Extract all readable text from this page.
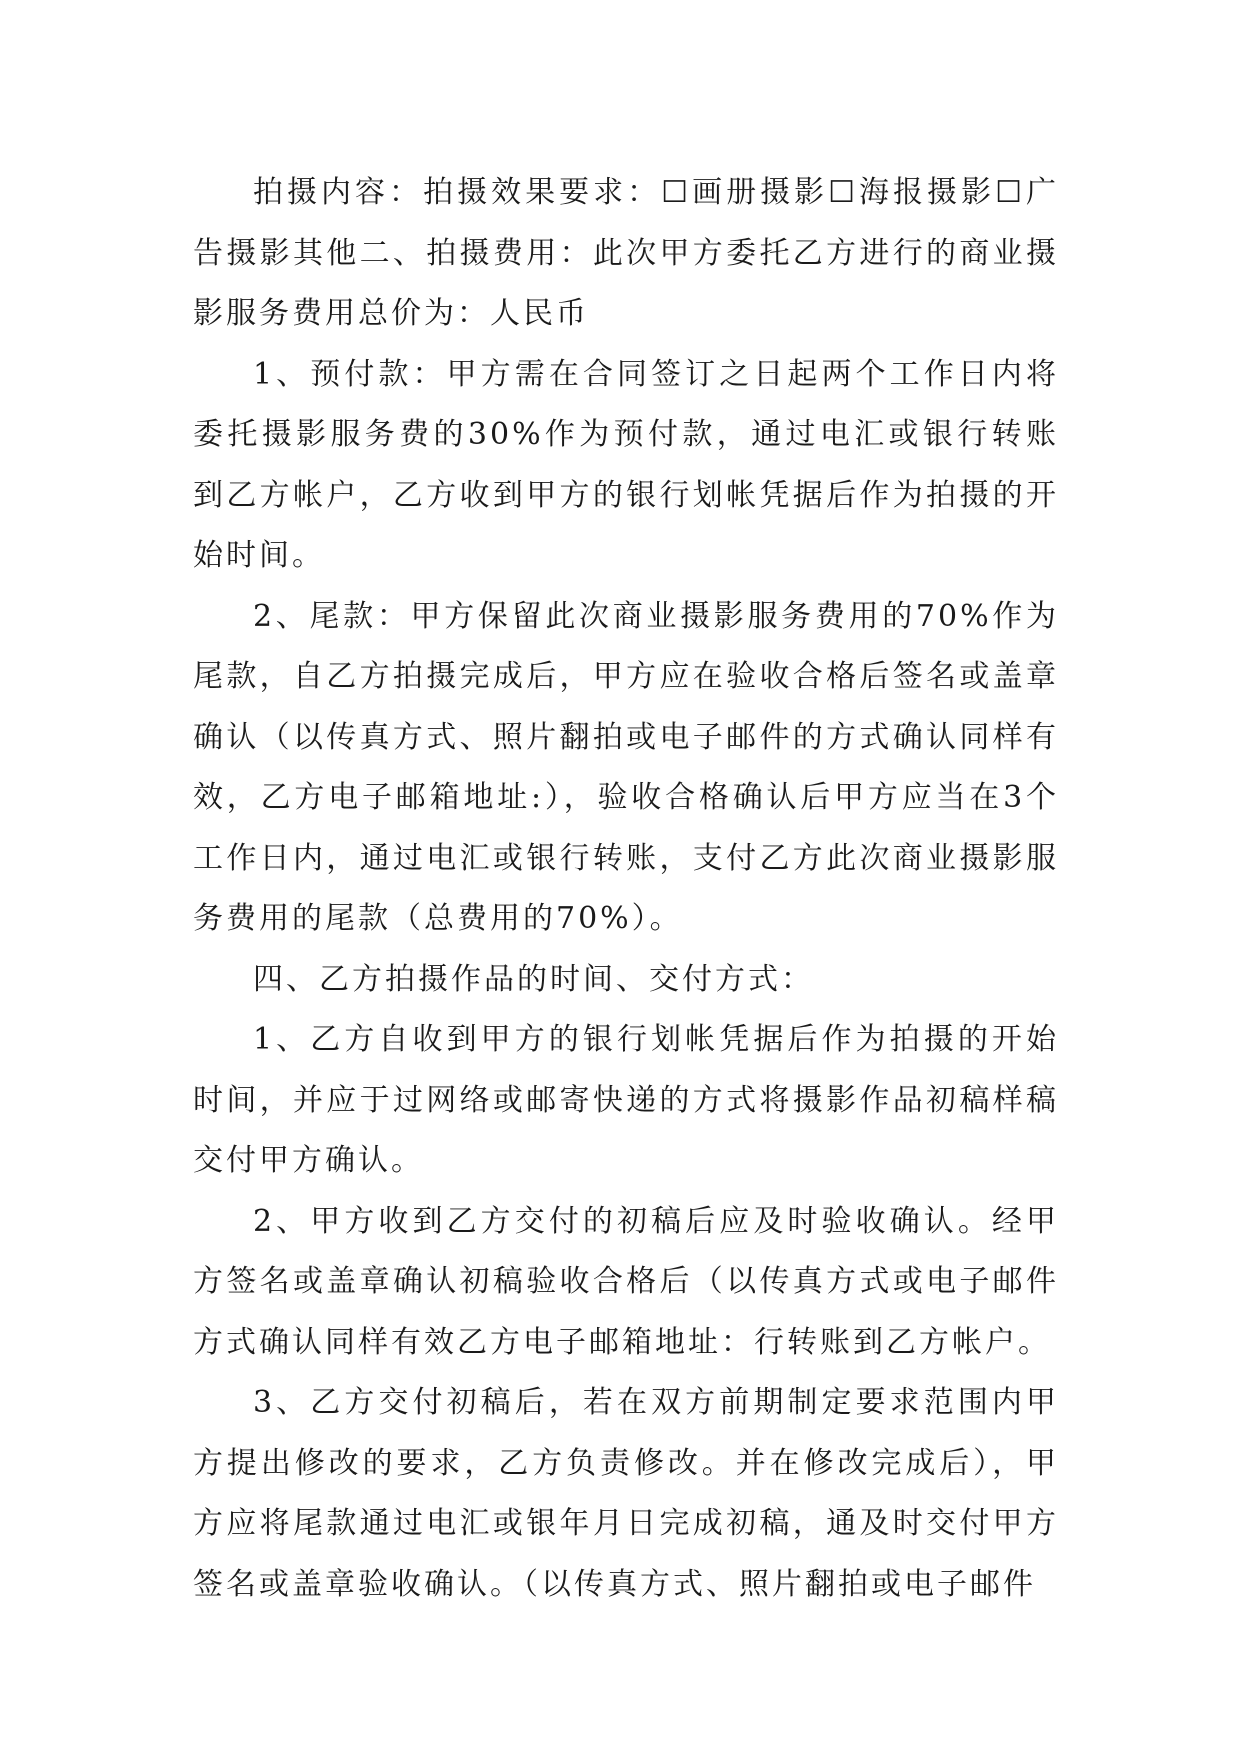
拍摄内容：拍摄效果要求：☐画册摄影☐海报摄影☐广告摄影其他二、拍摄费用：此次甲方委托乙方进行的商业摄影服务费用总价为：人民币

1、预付款：甲方需在合同签订之日起两个工作日内将委托摄影服务费的30%作为预付款，通过电汇或银行转账到乙方帐户，乙方收到甲方的银行划帐凭据后作为拍摄的开始时间。

2、尾款：甲方保留此次商业摄影服务费用的70%作为尾款，自乙方拍摄完成后，甲方应在验收合格后签名或盖章确认（以传真方式、照片翻拍或电子邮件的方式确认同样有效，乙方电子邮箱地址:），验收合格确认后甲方应当在3个工作日内，通过电汇或银行转账，支付乙方此次商业摄影服务费用的尾款（总费用的70%）。

四、乙方拍摄作品的时间、交付方式：

1、乙方自收到甲方的银行划帐凭据后作为拍摄的开始时间，并应于过网络或邮寄快递的方式将摄影作品初稿样稿交付甲方确认。

2、甲方收到乙方交付的初稿后应及时验收确认。经甲方签名或盖章确认初稿验收合格后（以传真方式或电子邮件方式确认同样有效乙方电子邮箱地址：行转账到乙方帐户。

3、乙方交付初稿后，若在双方前期制定要求范围内甲方提出修改的要求，乙方负责修改。并在修改完成后），甲方应将尾款通过电汇或银年月日完成初稿，通及时交付甲方签名或盖章验收确认。（以传真方式、照片翻拍或电子邮件
